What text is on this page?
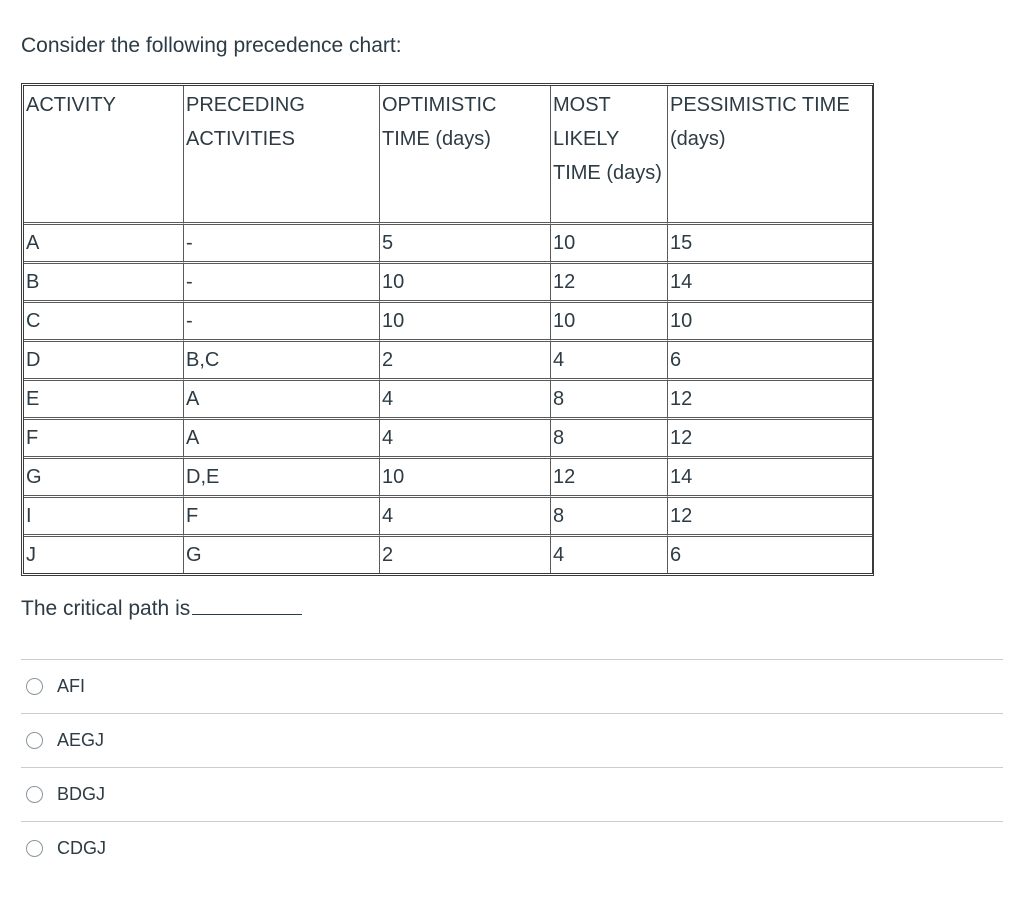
Consider the following precedence chart:

ACTIVITY	PRECEDING ACTIVITIES	OPTIMISTIC TIME (days)	MOST LIKELY TIME (days)	PESSIMISTIC TIME (days)
A	-	5	10	15
B	-	10	12	14
C	-	10	10	10
D	B,C	2	4	6
E	A	4	8	12
F	A	4	8	12
G	D,E	10	12	14
I	F	4	8	12
J	G	2	4	6

The critical path is

AFI
AEGJ
BDGJ
CDGJ
